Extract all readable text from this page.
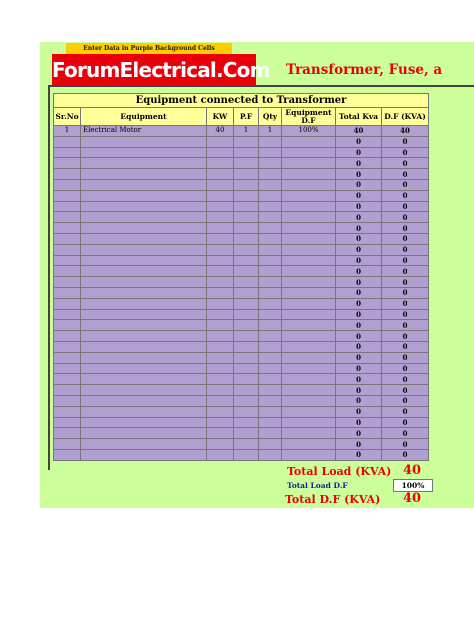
Enter Data in Purple Background Cells
ForumElectrical.Com Transformer, Fuse, a
Equipment connected to Transformer							
Sr.No	Equipment	KW	P.F	Qty	Equipment D.F	Total Kva	D.F (KVA)
1	Electrical Motor	40	1	1	100%	40	40
						0	0
						0	0
						0	0
						0	0
						0	0
						0	0
						0	0
						0	0
						0	0
						0	0
						0	0
						0	0
						0	0
						0	0
						0	0
						0	0
						0	0
						0	0
						0	0
						0	0
						0	0
						0	0
						0	0
						0	0
						0	0
						0	0
						0	0
						0	0
						0	0
						0	0
Total Load (KVA) 40
Total Load D.F	100%
Total D.F (KVA) 40
